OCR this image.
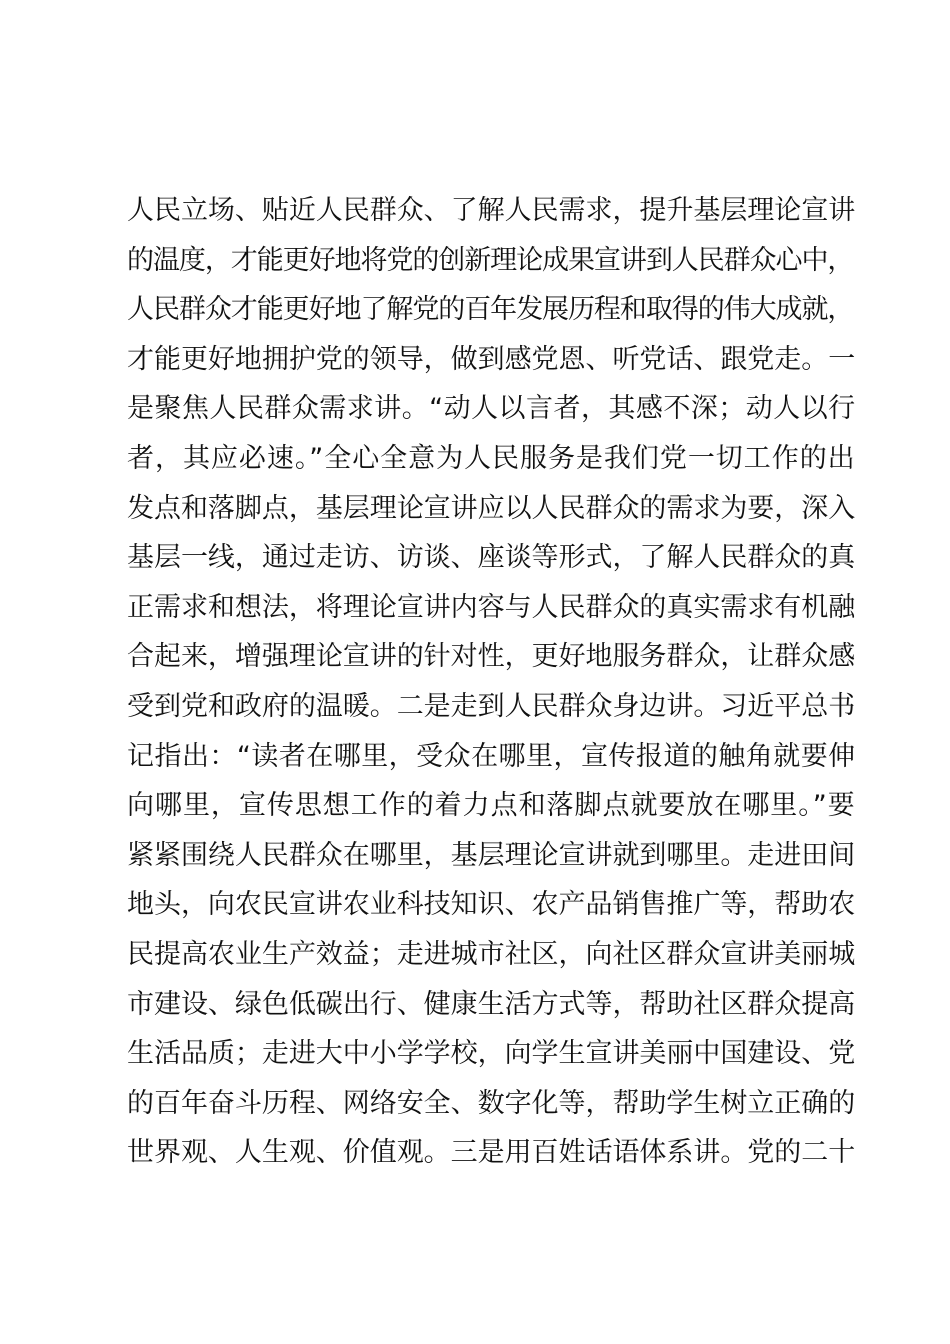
人民立场、贴近人民群众、了解人民需求，提升基层理论宣讲
的温度，才能更好地将党的创新理论成果宣讲到人民群众心中，
人民群众才能更好地了解党的百年发展历程和取得的伟大成就，
才能更好地拥护党的领导，做到感党恩、听党话、跟党走。一
是聚焦人民群众需求讲。“动人以言者，其感不深；动人以行
者，其应必速。”全心全意为人民服务是我们党一切工作的出
发点和落脚点，基层理论宣讲应以人民群众的需求为要，深入
基层一线，通过走访、访谈、座谈等形式，了解人民群众的真
正需求和想法，将理论宣讲内容与人民群众的真实需求有机融
合起来，增强理论宣讲的针对性，更好地服务群众，让群众感
受到党和政府的温暖。二是走到人民群众身边讲。习近平总书
记指出：“读者在哪里，受众在哪里，宣传报道的触角就要伸
向哪里，宣传思想工作的着力点和落脚点就要放在哪里。”要
紧紧围绕人民群众在哪里，基层理论宣讲就到哪里。走进田间
地头，向农民宣讲农业科技知识、农产品销售推广等，帮助农
民提高农业生产效益；走进城市社区，向社区群众宣讲美丽城
市建设、绿色低碳出行、健康生活方式等，帮助社区群众提高
生活品质；走进大中小学学校，向学生宣讲美丽中国建设、党
的百年奋斗历程、网络安全、数字化等，帮助学生树立正确的
世界观、人生观、价值观。三是用百姓话语体系讲。党的二十
